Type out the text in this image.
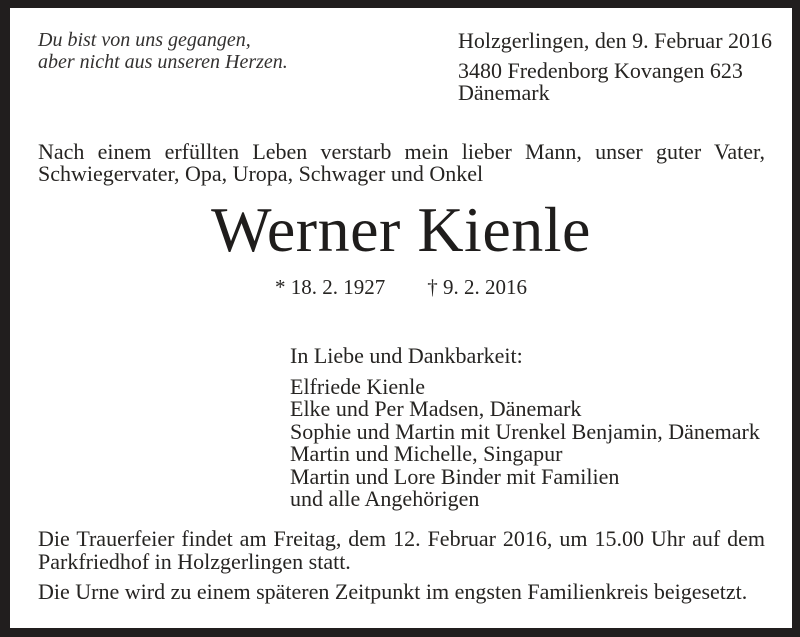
Du bist von uns gegangen,
aber nicht aus unseren Herzen.
Holzgerlingen, den 9. Februar 2016
3480 Fredenborg Kovangen 623
Dänemark
Nach einem erfüllten Leben verstarb mein lieber Mann, unser guter Vater, Schwiegervater, Opa, Uropa, Schwager und Onkel
Werner Kienle
* 18. 2. 1927 † 9. 2. 2016
In Liebe und Dankbarkeit:
Elfriede Kienle
Elke und Per Madsen, Dänemark
Sophie und Martin mit Urenkel Benjamin, Dänemark
Martin und Michelle, Singapur
Martin und Lore Binder mit Familien
und alle Angehörigen
Die Trauerfeier findet am Freitag, dem 12. Februar 2016, um 15.00 Uhr auf dem Parkfriedhof in Holzgerlingen statt.
Die Urne wird zu einem späteren Zeitpunkt im engsten Familienkreis beigesetzt.
